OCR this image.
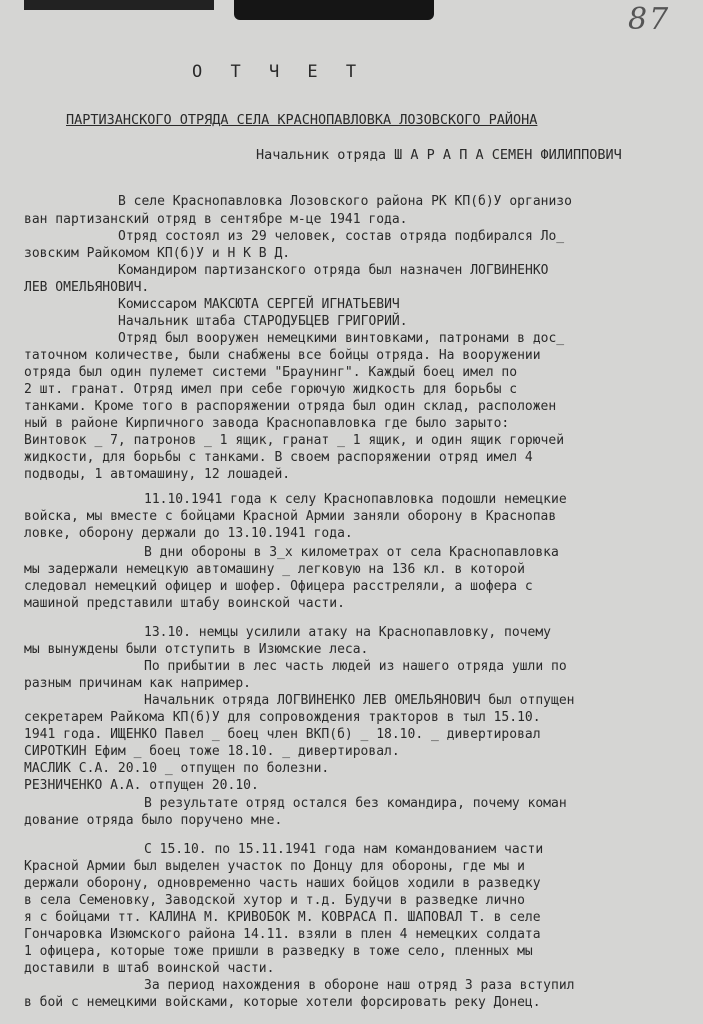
87
О Т Ч Е Т
ПАРТИЗАНСКОГО ОТРЯДА СЕЛА КРАСНОПАВЛОВКА ЛОЗОВСКОГО РАЙОНА
Начальник отряда Ш А Р А П А СЕМЕН ФИЛИППОВИЧ
В селе Краснопавловка Лозовского района РК КП(б)У организо
ван партизанский отряд в сентябре м-це 1941 года.
Отряд состоял из 29 человек, состав отряда подбирался Ло_
зовским Райкомом КП(б)У и Н К В Д.
Командиром партизанского отряда был назначен ЛОГВИНЕНКО
ЛЕВ ОМЕЛЬЯНОВИЧ.
Комиссаром МАКСЮТА СЕРГЕЙ ИГНАТЬЕВИЧ
Начальник штаба СТАРОДУБЦЕВ ГРИГОРИЙ.
Отряд был вооружен немецкими винтовками, патронами в дос_
таточном количестве, были снабжены все бойцы отряда. На вооружении
отряда был один пулемет системи "Браунинг". Каждый боец имел по
2 шт. гранат. Отряд имел при себе горючую жидкость для борьбы с
танками. Кроме того в распоряжении отряда был один склад, расположен
ный в районе Кирпичного завода Краснопавловка где было зарыто:
Винтовок _ 7, патронов _ 1 ящик, гранат _ 1 ящик, и один ящик горючей
жидкости, для борьбы с танками. В своем распоряжении отряд имел 4
подводы, 1 автомашину, 12 лошадей.
11.10.1941 года к селу Краснопавловка подошли немецкие
войска, мы вместе с бойцами Красной Армии заняли оборону в Краснопав
ловке, оборону держали до 13.10.1941 года.
В дни обороны в 3_х километрах от села Краснопавловка
мы задержали немецкую автомашину _ легковую на 136 кл. в которой
следовал немецкий офицер и шофер. Офицера расстреляли, а шофера с
машиной представили штабу воинской части.
13.10. немцы усилили атаку на Краснопавловку, почему
мы вынуждены были отступить в Изюмские леса.
По прибытии в лес часть людей из нашего отряда ушли по
разным причинам как например.
Начальник отряда ЛОГВИНЕНКО ЛЕВ ОМЕЛЬЯНОВИЧ был отпущен
секретарем Райкома КП(б)У для сопровождения тракторов в тыл 15.10.
1941 года. ИЩЕНКО Павел _ боец член ВКП(б) _ 18.10. _ дивертировал
СИРОТКИН Ефим _ боец тоже 18.10. _ дивертировал.
МАСЛИК С.А. 20.10 _ отпущен по болезни.
РЕЗНИЧЕНКО А.А. отпущен 20.10.
В результате отряд остался без командира, почему коман
дование отряда было поручено мне.
С 15.10. по 15.11.1941 года нам командованием части
Красной Армии был выделен участок по Донцу для обороны, где мы и
держали оборону, одновременно часть наших бойцов ходили в разведку
в села Семеновку, Заводской хутор и т.д. Будучи в разведке лично
я с бойцами тт. КАЛИНА М. КРИВОБОК М. КОВРАСА П. ШАПОВАЛ Т. в селе
Гончаровка Изюмского района 14.11. взяли в плен 4 немецких солдата
1 офицера, которые тоже пришли в разведку в тоже село, пленных мы
доставили в штаб воинской части.
За период нахождения в обороне наш отряд 3 раза вступил
в бой с немецкими войсками, которые хотели форсировать реку Донец.
